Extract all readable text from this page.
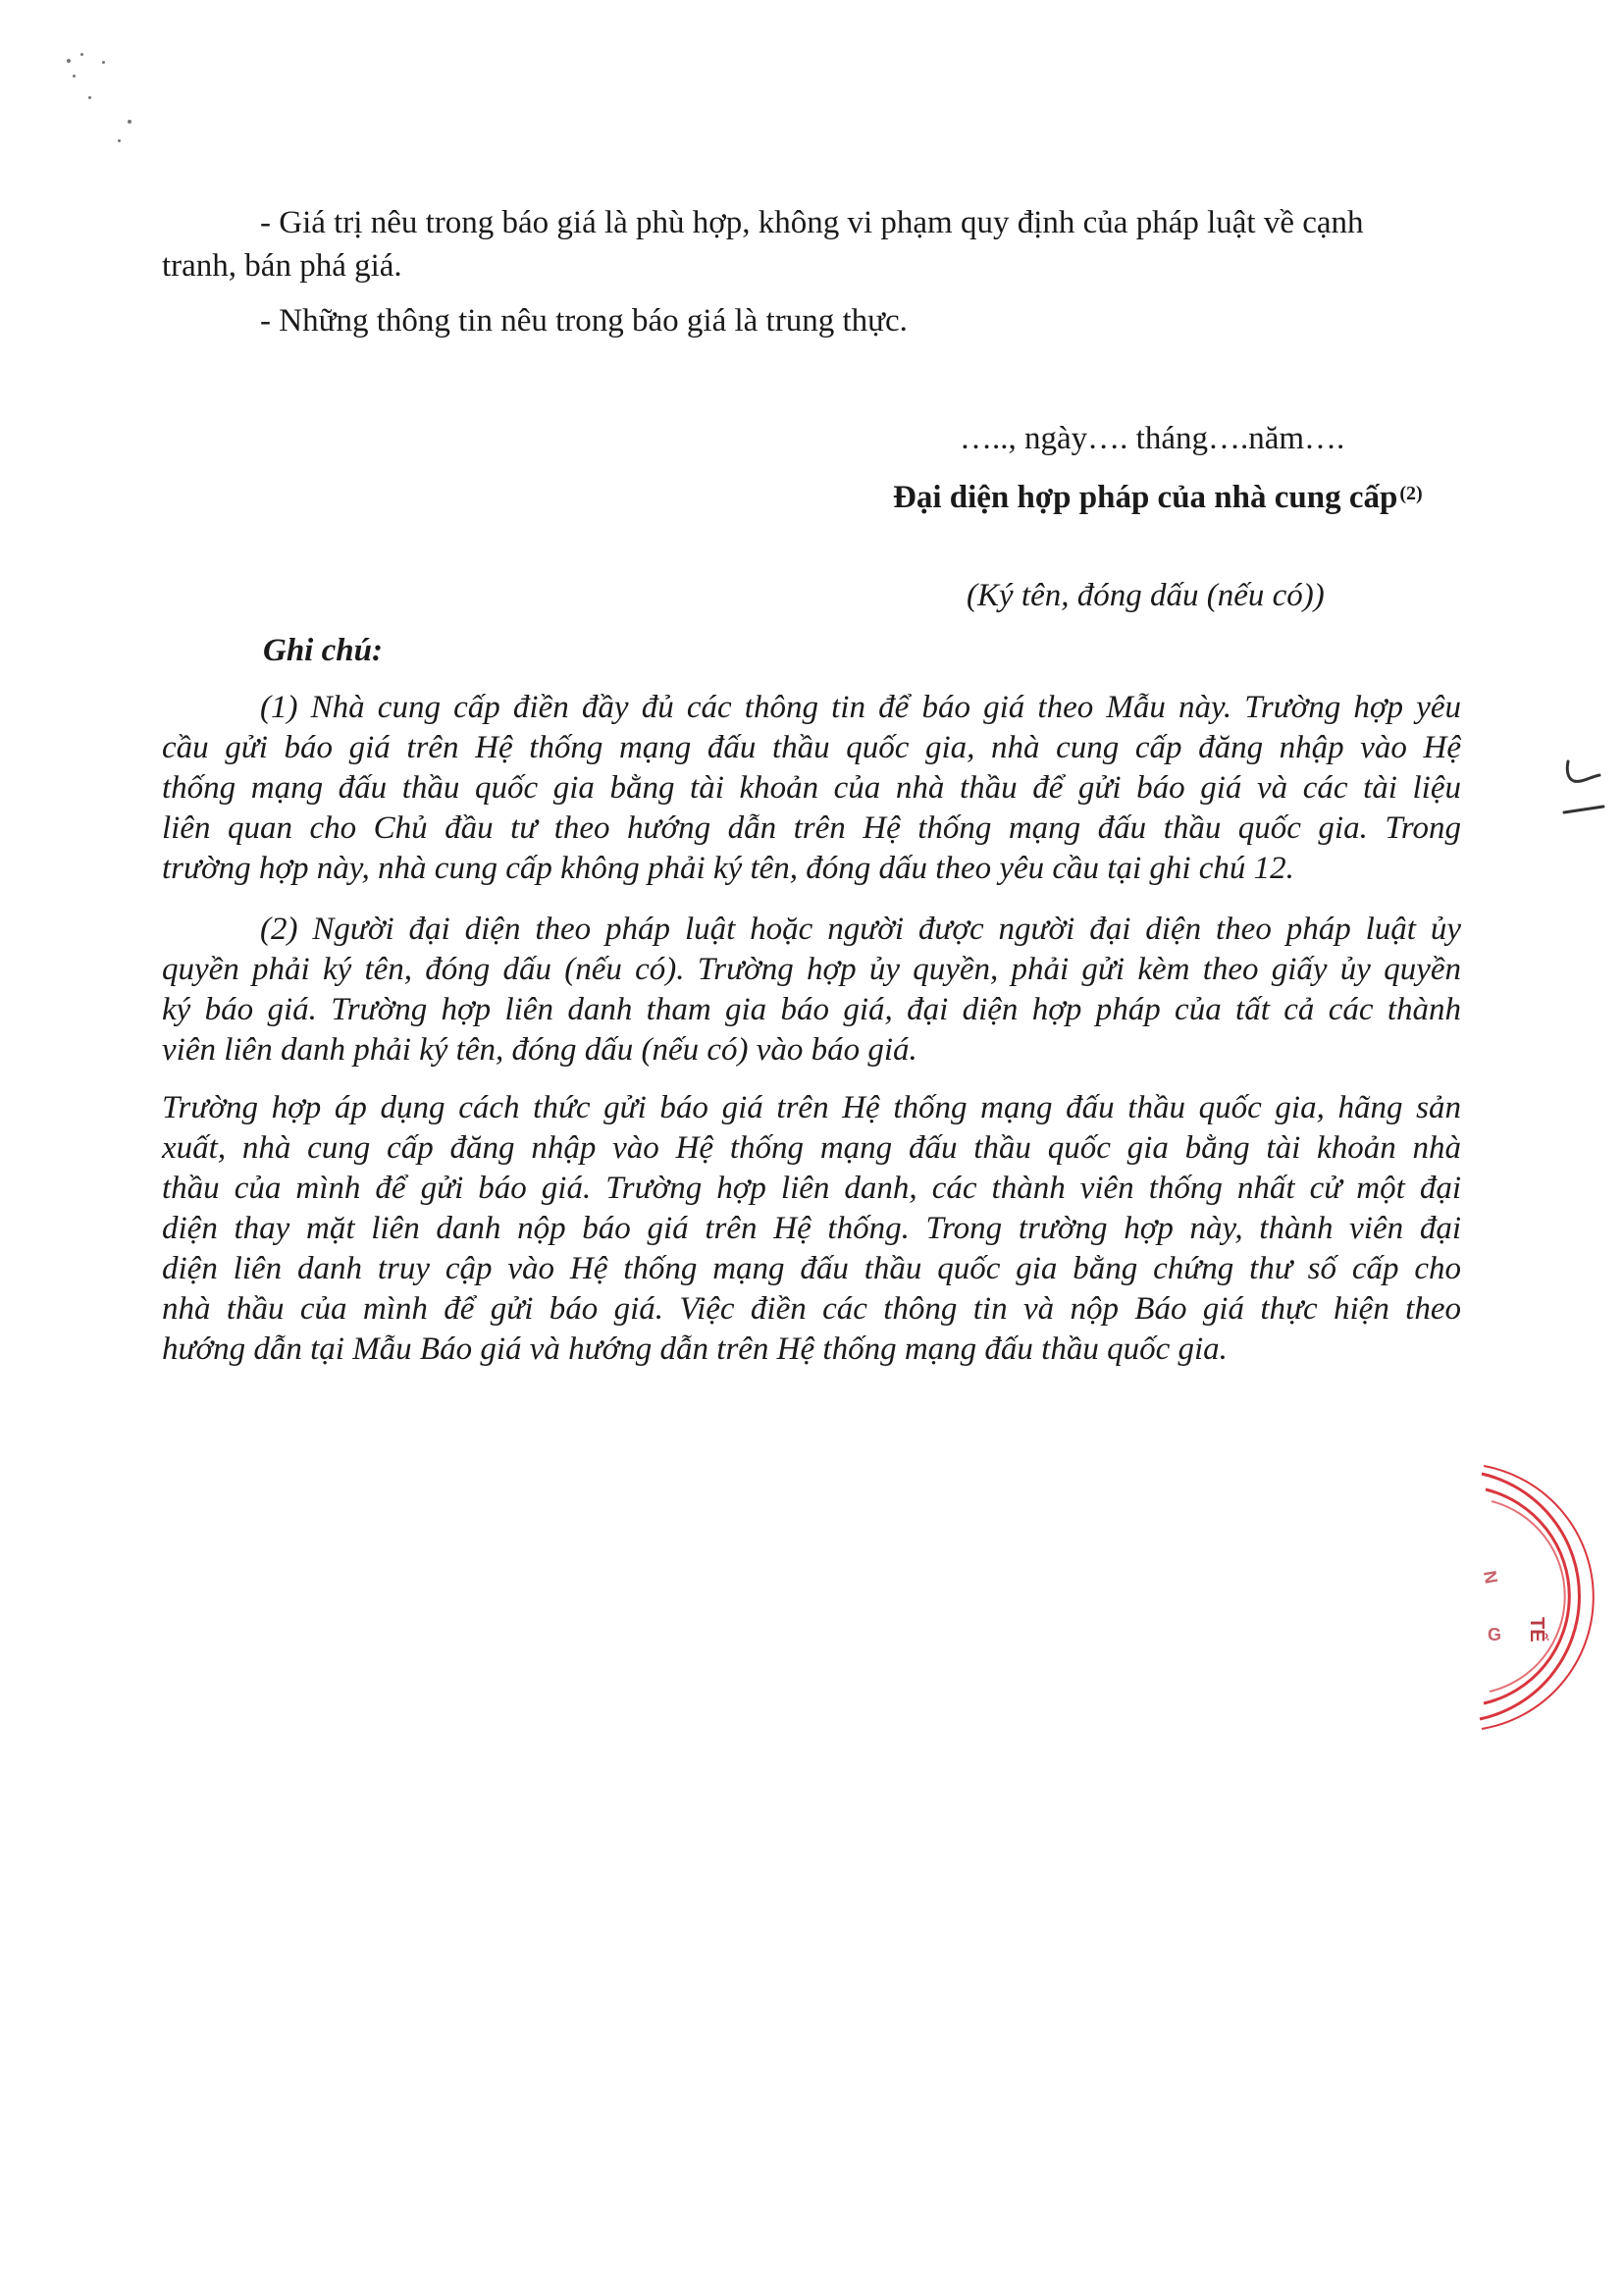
- Giá trị nêu trong báo giá là phù hợp, không vi phạm quy định của pháp luật về cạnh
tranh, bán phá giá.
- Những thông tin nêu trong báo giá là trung thực.
….., ngày…. tháng….năm….
Đại diện hợp pháp của nhà cung cấp $^{(2)}$
(Ký tên, đóng dấu (nếu có))
Ghi chú:
(1) Nhà cung cấp điền đầy đủ các thông tin để báo giá theo Mẫu này. Trường hợp yêu
cầu gửi báo giá trên Hệ thống mạng đấu thầu quốc gia, nhà cung cấp đăng nhập vào Hệ
thống mạng đấu thầu quốc gia bằng tài khoản của nhà thầu để gửi báo giá và các tài liệu
liên quan cho Chủ đầu tư theo hướng dẫn trên Hệ thống mạng đấu thầu quốc gia. Trong
trường hợp này, nhà cung cấp không phải ký tên, đóng dấu theo yêu cầu tại ghi chú 12.
(2) Người đại diện theo pháp luật hoặc người được người đại diện theo pháp luật ủy
quyền phải ký tên, đóng dấu (nếu có). Trường hợp ủy quyền, phải gửi kèm theo giấy ủy quyền
ký báo giá. Trường hợp liên danh tham gia báo giá, đại diện hợp pháp của tất cả các thành
viên liên danh phải ký tên, đóng dấu (nếu có) vào báo giá.
Trường hợp áp dụng cách thức gửi báo giá trên Hệ thống mạng đấu thầu quốc gia, hãng sản
xuất, nhà cung cấp đăng nhập vào Hệ thống mạng đấu thầu quốc gia bằng tài khoản nhà
thầu của mình để gửi báo giá. Trường hợp liên danh, các thành viên thống nhất cử một đại
diện thay mặt liên danh nộp báo giá trên Hệ thống. Trong trường hợp này, thành viên đại
diện liên danh truy cập vào Hệ thống mạng đấu thầu quốc gia bằng chứng thư số cấp cho
nhà thầu của mình để gửi báo giá. Việc điền các thông tin và nộp Báo giá thực hiện theo
hướng dẫn tại Mẫu Báo giá và hướng dẫn trên Hệ thống mạng đấu thầu quốc gia.
N
G TẾ
